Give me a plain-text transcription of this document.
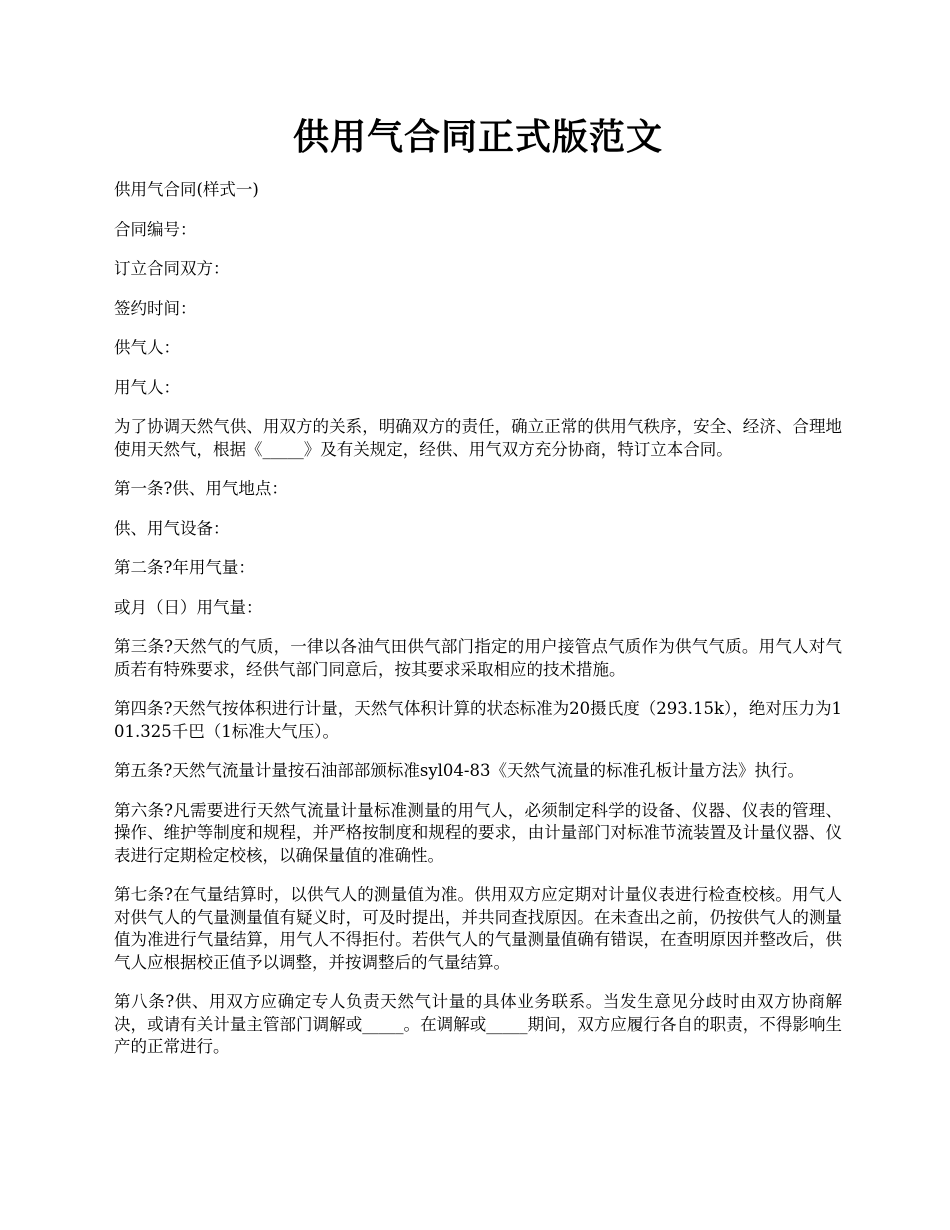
供用气合同正式版范文

供用气合同(样式一)

合同编号：

订立合同双方：

签约时间：

供气人：

用气人：

为了协调天然气供、用双方的关系，明确双方的责任，确立正常的供用气秩序，安全、经济、合理地使用天然气，根据《_____》及有关规定，经供、用气双方充分协商，特订立本合同。

第一条?供、用气地点：

供、用气设备：

第二条?年用气量：

或月（日）用气量：

第三条?天然气的气质，一律以各油气田供气部门指定的用户接管点气质作为供气气质。用气人对气质若有特殊要求，经供气部门同意后，按其要求采取相应的技术措施。

第四条?天然气按体积进行计量，天然气体积计算的状态标准为20摄氏度（293.15k），绝对压力为101.325千巴（1标准大气压）。

第五条?天然气流量计量按石油部部颁标准syl04-83《天然气流量的标准孔板计量方法》执行。

第六条?凡需要进行天然气流量计量标准测量的用气人，必须制定科学的设备、仪器、仪表的管理、操作、维护等制度和规程，并严格按制度和规程的要求，由计量部门对标准节流装置及计量仪器、仪表进行定期检定校核，以确保量值的准确性。

第七条?在气量结算时，以供气人的测量值为准。供用双方应定期对计量仪表进行检查校核。用气人对供气人的气量测量值有疑义时，可及时提出，并共同查找原因。在未查出之前，仍按供气人的测量值为准进行气量结算，用气人不得拒付。若供气人的气量测量值确有错误，在查明原因并整改后，供气人应根据校正值予以调整，并按调整后的气量结算。

第八条?供、用双方应确定专人负责天然气计量的具体业务联系。当发生意见分歧时由双方协商解决，或请有关计量主管部门调解或_____。在调解或_____期间，双方应履行各自的职责，不得影响生产的正常进行。
